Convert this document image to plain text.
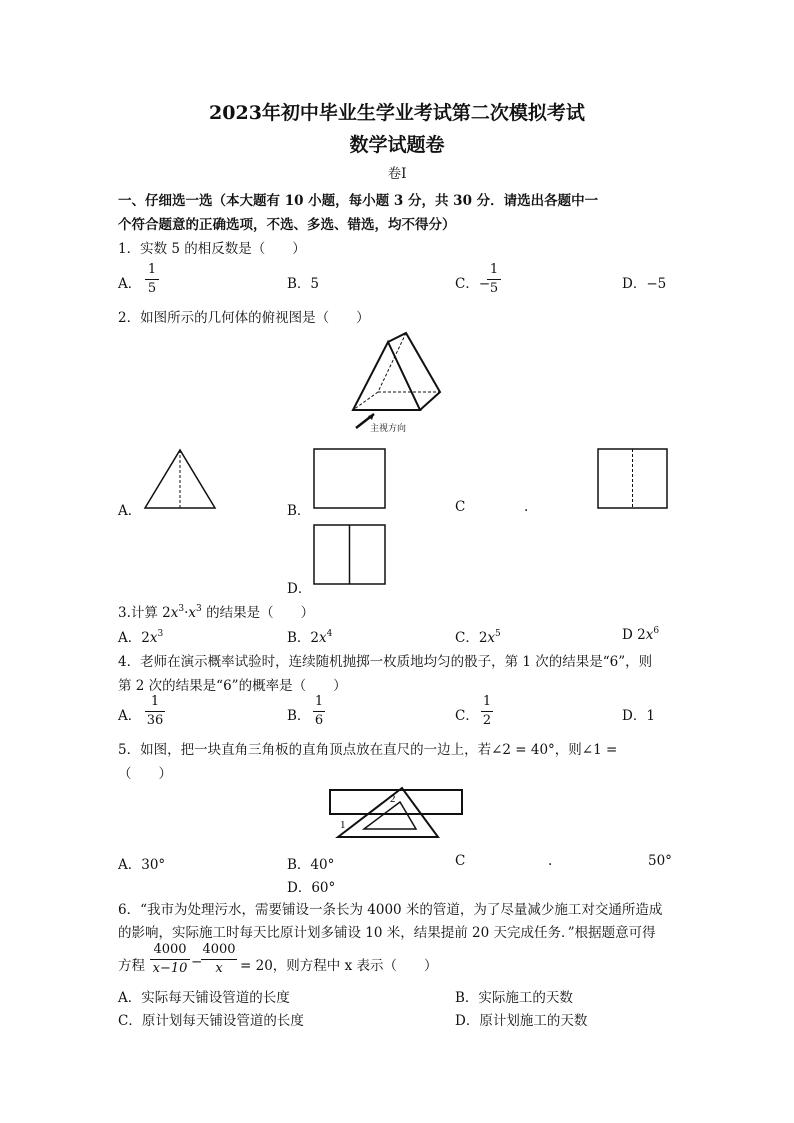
2023年初中毕业生学业考试第二次模拟考试
数学试题卷
卷Ⅰ
一、仔细选一选（本大题有 10 小题，每小题 3 分，共 30 分．请选出各题中一
个符合题意的正确选项，不选、多选、错选，均不得分）
1．实数 5 的相反数是（　　）
A．
1
5	B．5	C．−
1
5	D．−5
2．如图所示的几何体的俯视图是（　　）
主视方向
A．	B．	C	.
D．
3.计算 $2x^3\cdot x^3$ 的结果是（　　）
A．$2x^3$	B．$2x^4$	C．$2x^5$	D $2x^6$
4．老师在演示概率试验时，连续随机抛掷一枚质地均匀的骰子，第 1 次的结果是“6”，则
第 2 次的结果是“6”的概率是（　　）
A．
1
36	B．
1
6	C．
1
2	D．1
5．如图，把一块直角三角板的直角顶点放在直尺的一边上，若∠2 = 40°，则∠1 =
（　　）
2
1
A．30°	B．40°	C	.	50°
D．60°
6．“我市为处理污水，需要铺设一条长为 4000 米的管道，为了尽量减少施工对交通所造成
的影响，实际施工时每天比原计划多铺设 10 米，结果提前 20 天完成任务．”根据题意可得
方程
4000
x−10 −
4000
x	= 20，则方程中 x 表示（　　）
A．实际每天铺设管道的长度	B．实际施工的天数
C．原计划每天铺设管道的长度	D．原计划施工的天数
